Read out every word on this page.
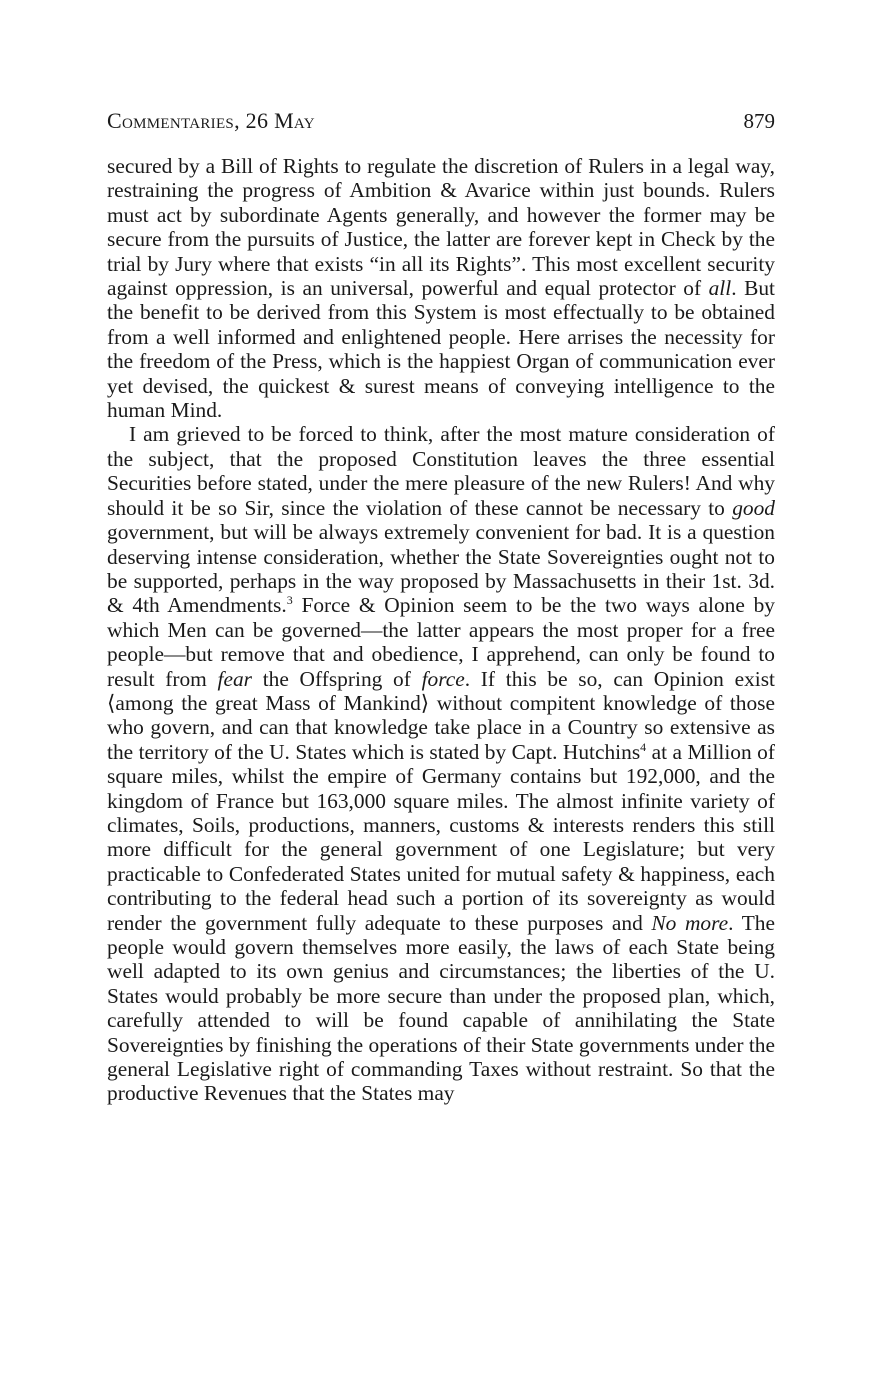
Commentaries, 26 May	879

secured by a Bill of Rights to regulate the discretion of Rulers in a legal way, restraining the progress of Ambition & Avarice within just bounds. Rulers must act by subordinate Agents generally, and however the former may be secure from the pursuits of Justice, the latter are forever kept in Check by the trial by Jury where that exists “in all its Rights”. This most excellent security against oppression, is an universal, powerful and equal protector of all. But the benefit to be derived from this System is most effectually to be obtained from a well informed and enlightened people. Here arrises the necessity for the freedom of the Press, which is the happiest Organ of communication ever yet devised, the quickest & surest means of conveying intelligence to the human Mind.

I am grieved to be forced to think, after the most mature consideration of the subject, that the proposed Constitution leaves the three essential Securities before stated, under the mere pleasure of the new Rulers! And why should it be so Sir, since the violation of these cannot be necessary to good government, but will be always extremely convenient for bad. It is a question deserving intense consideration, whether the State Sovereignties ought not to be supported, perhaps in the way proposed by Massachusetts in their 1st. 3d. & 4th Amendments.$^3$ Force & Opinion seem to be the two ways alone by which Men can be governed—the latter appears the most proper for a free people—but remove that and obedience, I apprehend, can only be found to result from fear the Offspring of force. If this be so, can Opinion exist ⟨among the great Mass of Mankind⟩ without compitent knowledge of those who govern, and can that knowledge take place in a Country so extensive as the territory of the U. States which is stated by Capt. Hutchins$^4$ at a Million of square miles, whilst the empire of Germany contains but 192,000, and the kingdom of France but 163,000 square miles. The almost infinite variety of climates, Soils, productions, manners, customs & interests renders this still more difficult for the general government of one Legislature; but very practicable to Confederated States united for mutual safety & happiness, each contributing to the federal head such a portion of its sovereignty as would render the government fully adequate to these purposes and No more. The people would govern themselves more easily, the laws of each State being well adapted to its own genius and circumstances; the liberties of the U. States would probably be more secure than under the proposed plan, which, carefully attended to will be found capable of annihilating the State Sovereignties by finishing the operations of their State governments under the general Legislative right of commanding Taxes without restraint. So that the productive Revenues that the States may
